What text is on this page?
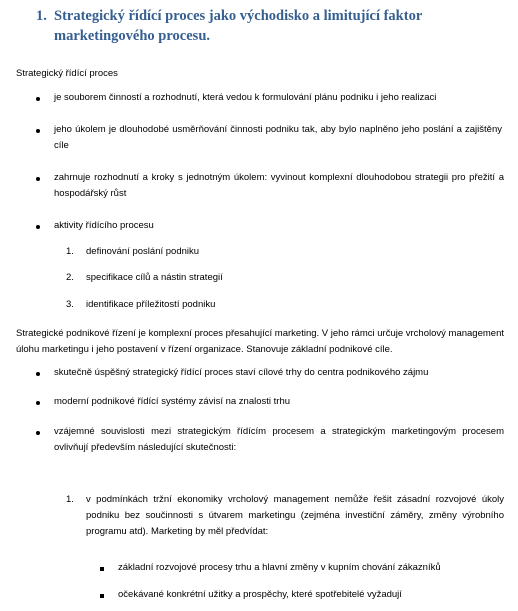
1. Strategický řídící proces jako východisko a limitující faktor marketingového procesu.
Strategický řídící proces
je souborem činností a rozhodnutí, která vedou k formulování plánu podniku i jeho realizaci
jeho úkolem je dlouhodobé usměrňování činnosti podniku tak, aby bylo naplněno jeho poslání a zajištěny cíle
zahrnuje rozhodnutí a kroky s jednotným úkolem: vyvinout komplexní dlouhodobou strategii pro přežití a hospodářský růst
aktivity řídícího procesu
1. definování poslání podniku
2. specifikace cílů a nástin strategií
3. identifikace příležitostí podniku
Strategické podnikové řízení je komplexní proces přesahující marketing. V jeho rámci určuje vrcholový management úlohu marketingu i jeho postavení v řízení organizace. Stanovuje základní podnikové cíle.
skutečně úspěšný strategický řídící proces staví cílové trhy do centra podnikového zájmu
moderní podnikové řídící systémy závisí na znalosti trhu
vzájemné souvislosti mezi strategickým řídícím procesem a strategickým marketingovým procesem ovlivňují především následující skutečnosti:
1. v podmínkách tržní ekonomiky vrcholový management nemůže řešit zásadní rozvojové úkoly podniku bez součinnosti s útvarem marketingu (zejména investiční záměry, změny výrobního programu atd). Marketing by měl předvídat:
základní rozvojové procesy trhu a hlavní změny v kupním chování zákazníků
očekávané konkrétní užitky a prospěchy, které spotřebitelé vyžadují
